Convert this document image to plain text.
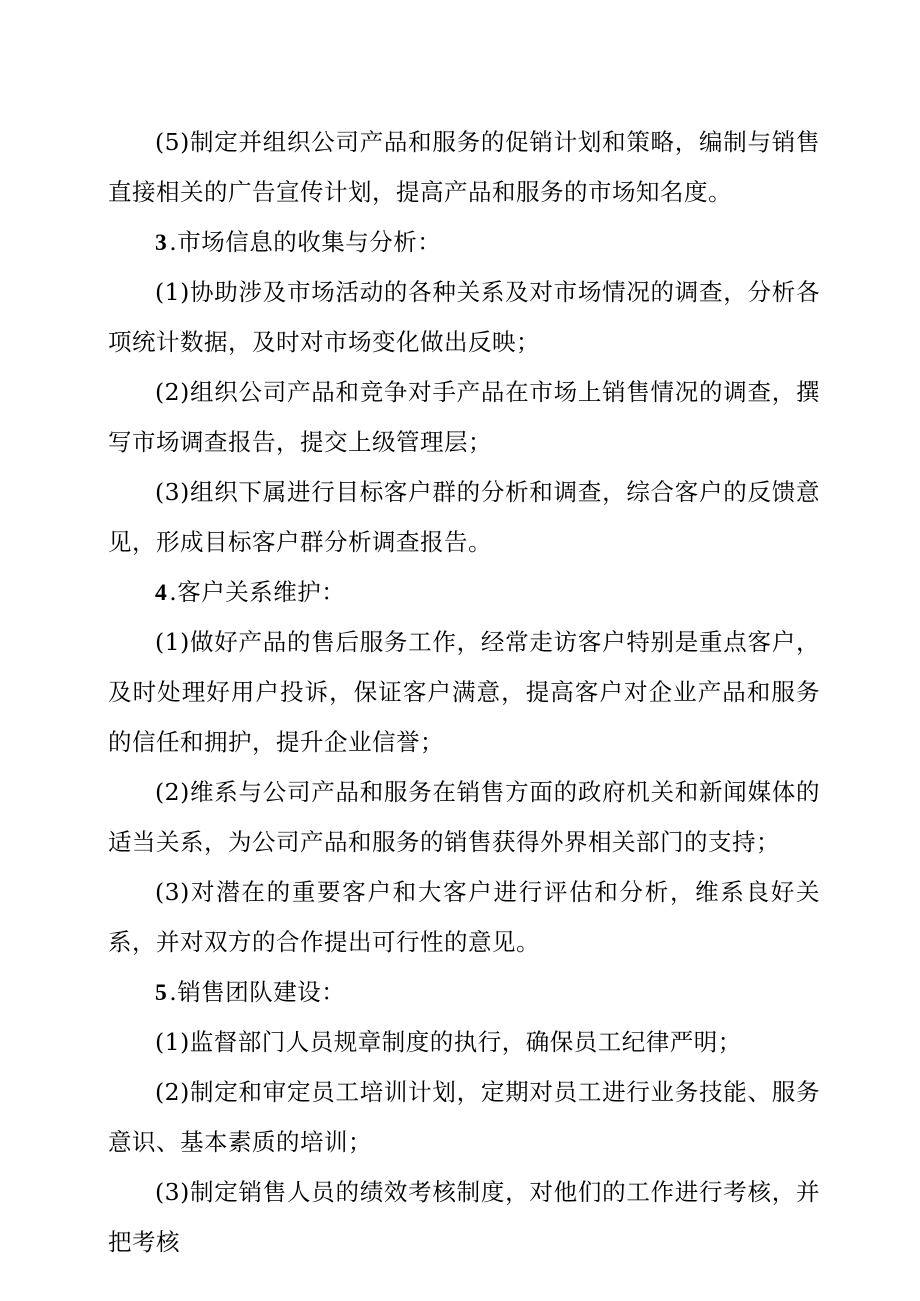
(5)制定并组织公司产品和服务的促销计划和策略，编制与销售直接相关的广告宣传计划，提高产品和服务的市场知名度。

3.市场信息的收集与分析：

(1)协助涉及市场活动的各种关系及对市场情况的调查，分析各项统计数据，及时对市场变化做出反映；

(2)组织公司产品和竞争对手产品在市场上销售情况的调查，撰写市场调查报告，提交上级管理层；

(3)组织下属进行目标客户群的分析和调查，综合客户的反馈意见，形成目标客户群分析调查报告。

4.客户关系维护：

(1)做好产品的售后服务工作，经常走访客户特别是重点客户，及时处理好用户投诉，保证客户满意，提高客户对企业产品和服务的信任和拥护，提升企业信誉；

(2)维系与公司产品和服务在销售方面的政府机关和新闻媒体的适当关系，为公司产品和服务的销售获得外界相关部门的支持；

(3)对潜在的重要客户和大客户进行评估和分析，维系良好关系，并对双方的合作提出可行性的意见。

5.销售团队建设：

(1)监督部门人员规章制度的执行，确保员工纪律严明；

(2)制定和审定员工培训计划，定期对员工进行业务技能、服务意识、基本素质的培训；

(3)制定销售人员的绩效考核制度，对他们的工作进行考核，并把考核
